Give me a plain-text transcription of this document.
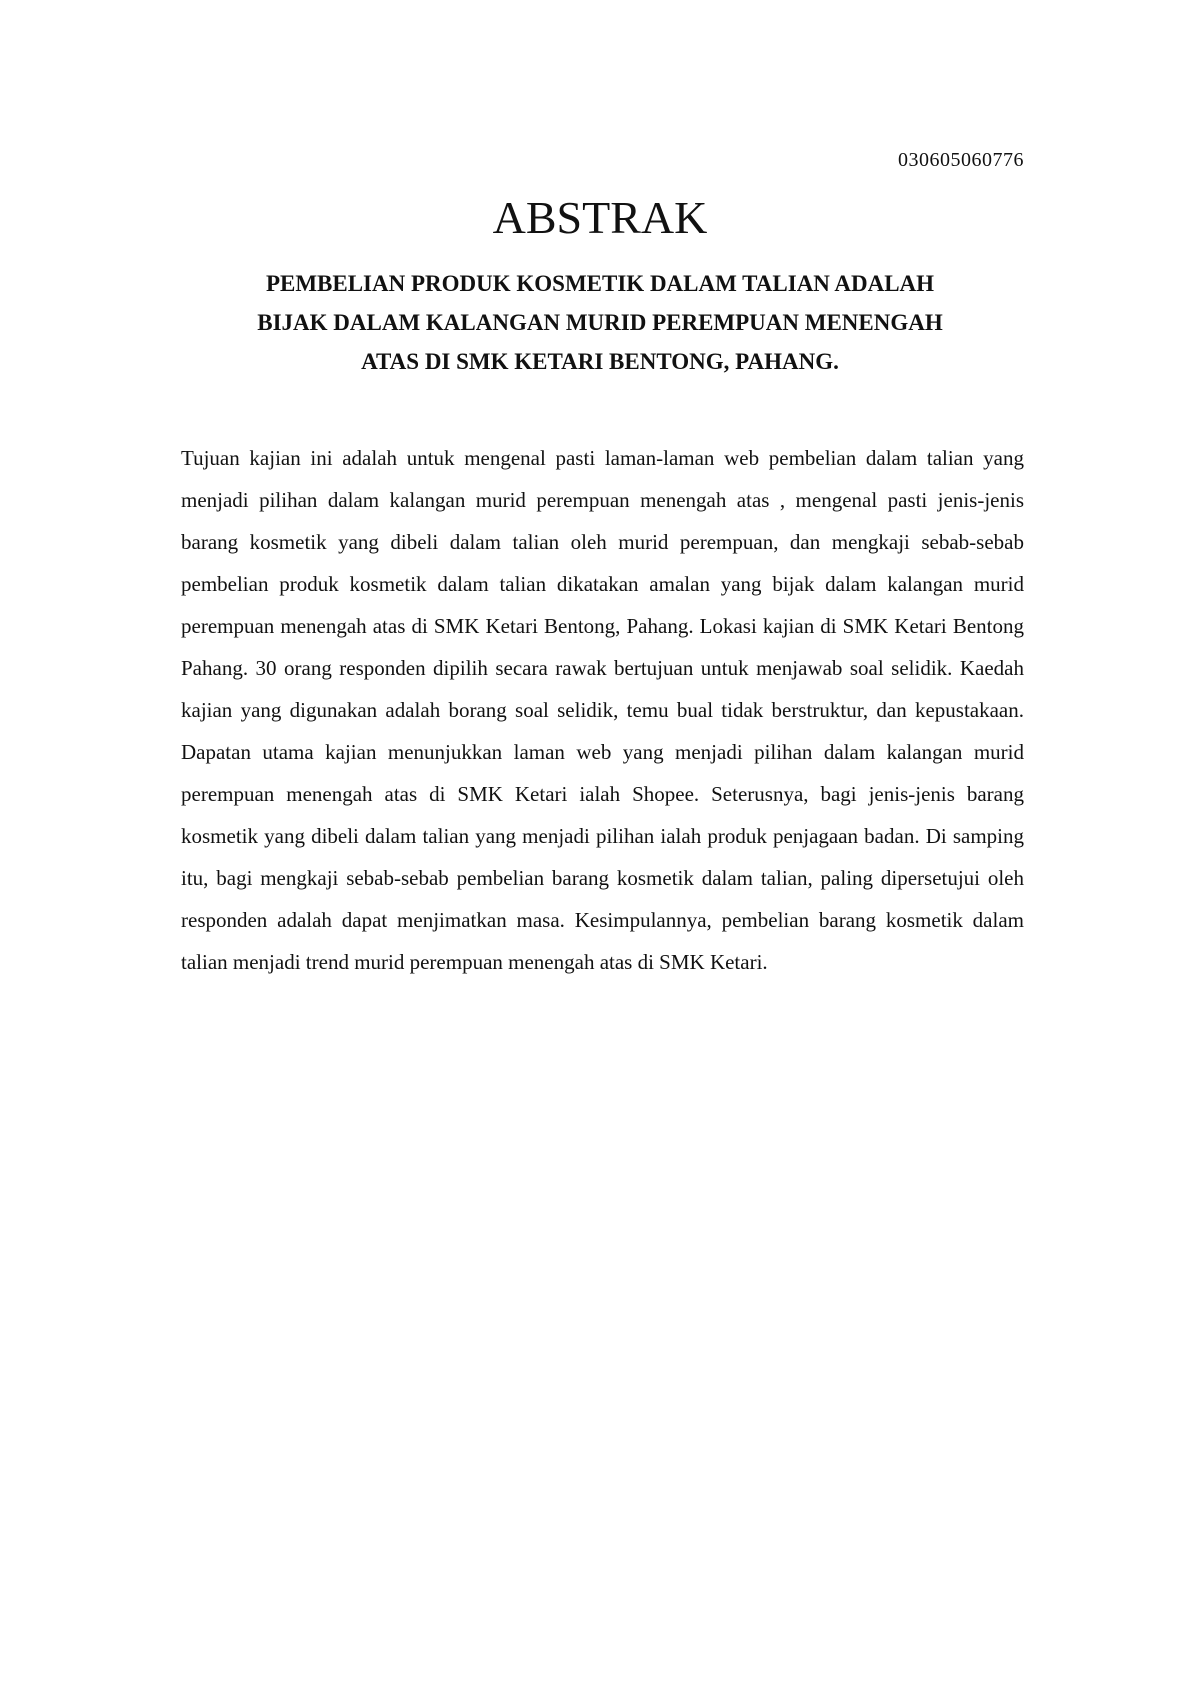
030605060776
ABSTRAK
PEMBELIAN PRODUK KOSMETIK DALAM TALIAN ADALAH
BIJAK DALAM KALANGAN MURID PEREMPUAN MENENGAH
ATAS DI SMK KETARI BENTONG, PAHANG.

Tujuan kajian ini adalah untuk mengenal pasti laman-laman web pembelian dalam talian yang menjadi pilihan dalam kalangan murid perempuan menengah atas , mengenal pasti jenis-jenis barang kosmetik yang dibeli dalam talian oleh murid perempuan, dan mengkaji sebab-sebab pembelian produk kosmetik dalam talian dikatakan amalan yang bijak dalam kalangan murid perempuan menengah atas di SMK Ketari Bentong, Pahang. Lokasi kajian di SMK Ketari Bentong Pahang. 30 orang responden dipilih secara rawak bertujuan untuk menjawab soal selidik. Kaedah kajian yang digunakan adalah borang soal selidik, temu bual tidak berstruktur, dan kepustakaan. Dapatan utama kajian menunjukkan laman web yang menjadi pilihan dalam kalangan murid perempuan menengah atas di SMK Ketari ialah Shopee. Seterusnya, bagi jenis-jenis barang kosmetik yang dibeli dalam talian yang menjadi pilihan ialah produk penjagaan badan. Di samping itu, bagi mengkaji sebab-sebab pembelian barang kosmetik dalam talian, paling dipersetujui oleh responden adalah dapat menjimatkan masa. Kesimpulannya, pembelian barang kosmetik dalam talian menjadi trend murid perempuan menengah atas di SMK Ketari.
